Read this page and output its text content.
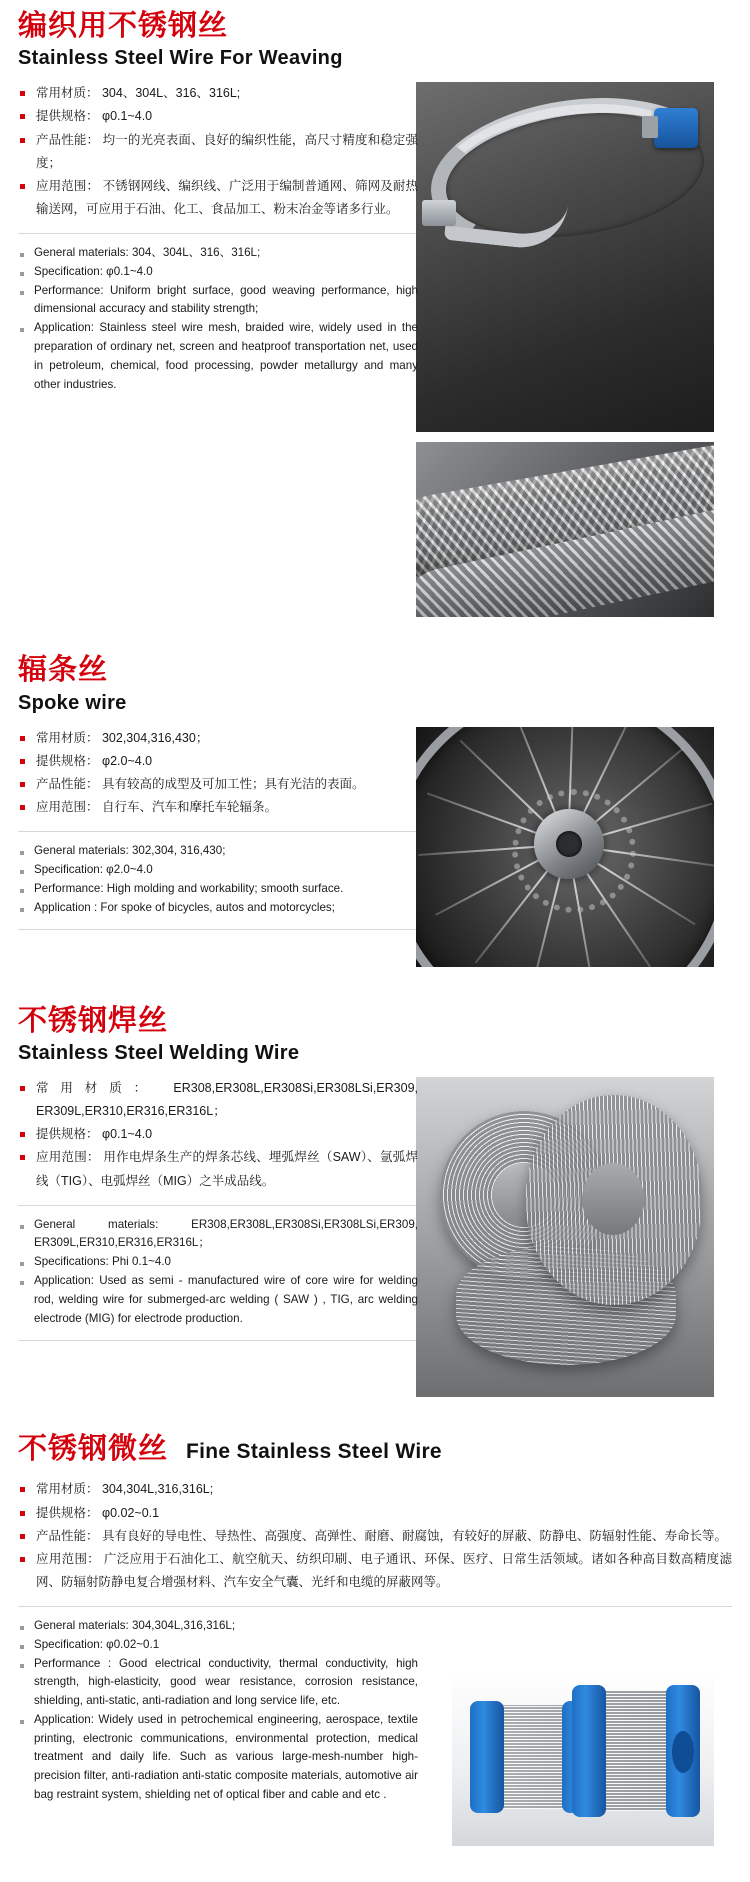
编织用不锈钢丝
Stainless Steel Wire For Weaving
常用材质： 304、304L、316、316L;
提供规格： φ0.1~4.0
产品性能： 均一的光亮表面、良好的编织性能，高尺寸精度和稳定强度；
应用范围： 不锈钢网线、编织线、广泛用于编制普通网、筛网及耐热输送网，可应用于石油、化工、食品加工、粉末冶金等诸多行业。
General materials: 304、304L、316、316L;
Specification: φ0.1~4.0
Performance: Uniform bright surface, good weaving performance, high dimensional accuracy and stability strength;
Application: Stainless steel wire mesh, braided wire, widely used in the preparation of ordinary net, screen and heatproof transportation net, used in petroleum, chemical, food processing, powder metallurgy and many other industries.
辐条丝
Spoke wire
常用材质： 302,304,316,430；
提供规格： φ2.0~4.0
产品性能： 具有较高的成型及可加工性；具有光洁的表面。
应用范围： 自行车、汽车和摩托车轮辐条。
General materials: 302,304, 316,430;
Specification: φ2.0~4.0
Performance: High molding and workability; smooth surface.
Application : For spoke of bicycles, autos and motorcycles;
不锈钢焊丝
Stainless Steel Welding Wire
常用材质： ER308,ER308L,ER308Si,ER308LSi,ER309, ER309L,ER310,ER316,ER316L；
提供规格： φ0.1~4.0
应用范围： 用作电焊条生产的焊条芯线、埋弧焊丝（SAW）、氩弧焊线（TIG）、电弧焊丝（MIG）之半成品线。
General materials: ER308,ER308L,ER308Si,ER308LSi,ER309, ER309L,ER310,ER316,ER316L；
Specifications: Phi 0.1~4.0
Application: Used as semi - manufactured wire of core wire for welding rod, welding wire for submerged-arc welding ( SAW ) , TIG, arc welding electrode (MIG) for electrode production.
不锈钢微丝 Fine Stainless Steel Wire
常用材质： 304,304L,316,316L;
提供规格： φ0.02~0.1
产品性能： 具有良好的导电性、导热性、高强度、高弹性、耐磨、耐腐蚀，有较好的屏蔽、防静电、防辐射性能、寿命长等。
应用范围： 广泛应用于石油化工、航空航天、纺织印刷、电子通讯、环保、医疗、日常生活领域。诸如各种高目数高精度滤网、防辐射防静电复合增强材料、汽车安全气囊、光纤和电缆的屏蔽网等。
General materials: 304,304L,316,316L;
Specification: φ0.02~0.1
Performance : Good electrical conductivity, thermal conductivity, high strength, high-elasticity, good wear resistance, corrosion resistance, shielding, anti-static, anti-radiation and long service life, etc.
Application: Widely used in petrochemical engineering, aerospace, textile printing, electronic communications, environmental protection, medical treatment and daily life. Such as various large-mesh-number high-precision filter, anti-radiation anti-static composite materials, automotive air bag restraint system, shielding net of optical fiber and cable and etc .
